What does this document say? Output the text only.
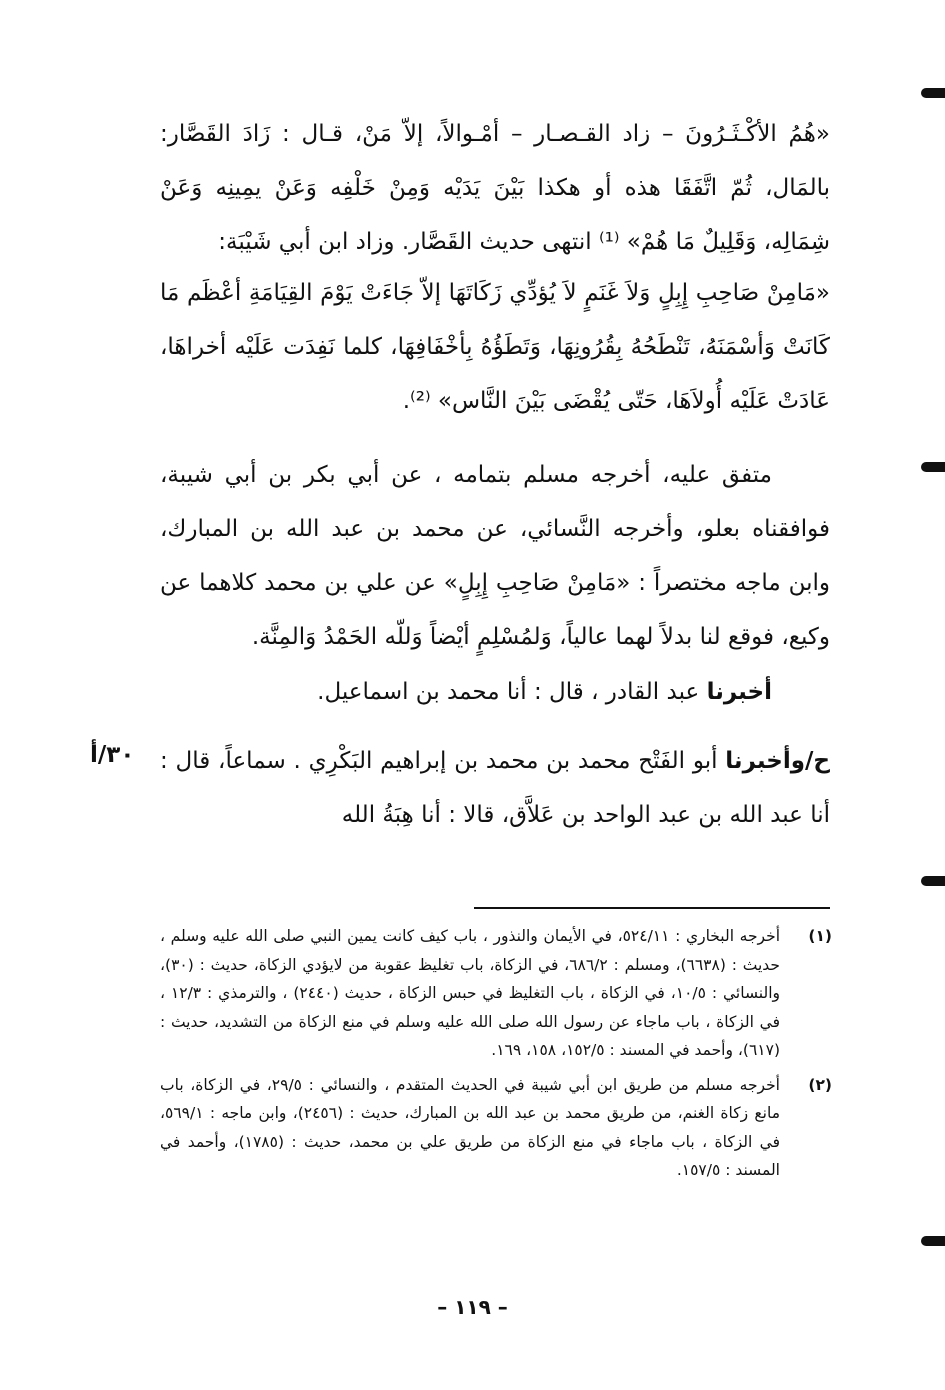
«هُمُ الأكْـثَـرُونَ – زاد القـصـار – أمْـوالاً، إلاّ مَنْ، قـال : زَادَ القَصَّار: بالمَال، ثُمّ اتَّفَقَا هذه أو هكذا بَيْنَ يَدَيْه وَمِنْ خَلْفِه وَعَنْ يمِينِه وَعَنْ شِمَالِه، وَقَلِيلٌ مَا هُمْ» ⁽¹⁾ انتهى حديث القَصَّار. وزاد ابن أبي شَيْبَة:

«مَامِنْ صَاحِبِ إِبِلٍ وَلاَ غَنَمٍ لاَ يُؤدِّي زَكَاتَهَا إلاّ جَاءَتْ يَوْمَ القِيَامَةِ أعْظَم مَا كَانَتْ وَأسْمَنَهُ، تَنْطَحُهُ بِقُرُونِهَا، وَتَطَؤُهُ بِأخْفَافِهَا، كلما نَفِدَت عَلَيْه أخراهَا، عَادَتْ عَلَيْه أُولاَهَا، حَتّى يُقْضَى بَيْنَ النَّاس» ⁽²⁾.

متفق عليه، أخرجه مسلم بتمامه ، عن أبي بكر بن أبي شيبة، فوافقناه بعلو، وأخرجه النَّسائي، عن محمد بن عبد الله بن المبارك، وابن ماجه مختصراً : «مَامِنْ صَاحِبِ إِبِلٍ» عن علي بن محمد كلاهما عن وكيع، فوقع لنا بدلاً لهما عالياً، وَلمُسْلِمٍ أيْضاً وَللّه الحَمْدُ وَالمِنَّة.

أخبرنا عبد القادر ، قال : أنا محمد بن اسماعيل.

ح/وأخبرنا أبو الفَتْح محمد بن محمد بن إبراهيم البَكْرِي . سماعاً، قال : أنا عبد الله بن عبد الواحد بن عَلاَّق، قالا : أنا هِبَةُ الله

٣٠/أ
(١)
أخرجه البخاري : ٥٢٤/١١، في الأيمان والنذور ، باب كيف كانت يمين النبي صلى الله عليه وسلم ، حديث : (٦٦٣٨)، ومسلم : ٦٨٦/٢، في الزكاة، باب تغليظ عقوبة من لايؤدي الزكاة، حديث : (٣٠)، والنسائي : ١٠/٥، في الزكاة ، باب التغليظ في حبس الزكاة ، حديث (٢٤٤٠) ، والترمذي : ١٢/٣ ، في الزكاة ، باب ماجاء عن رسول الله صلى الله عليه وسلم في منع الزكاة من التشديد، حديث : (٦١٧)، وأحمد في المسند : ١٥٢/٥، ١٥٨، ١٦٩.
(٢)
أخرجه مسلم من طريق ابن أبي شيبة في الحديث المتقدم ، والنسائي : ٢٩/٥، في الزكاة، باب مانع زكاة الغنم، من طريق محمد بن عبد الله بن المبارك، حديث : (٢٤٥٦)، وابن ماجه : ٥٦٩/١، في الزكاة ، باب ماجاء في منع الزكاة من طريق علي بن محمد، حديث : (١٧٨٥)، وأحمد في المسند : ١٥٧/٥.
– ١١٩ –
